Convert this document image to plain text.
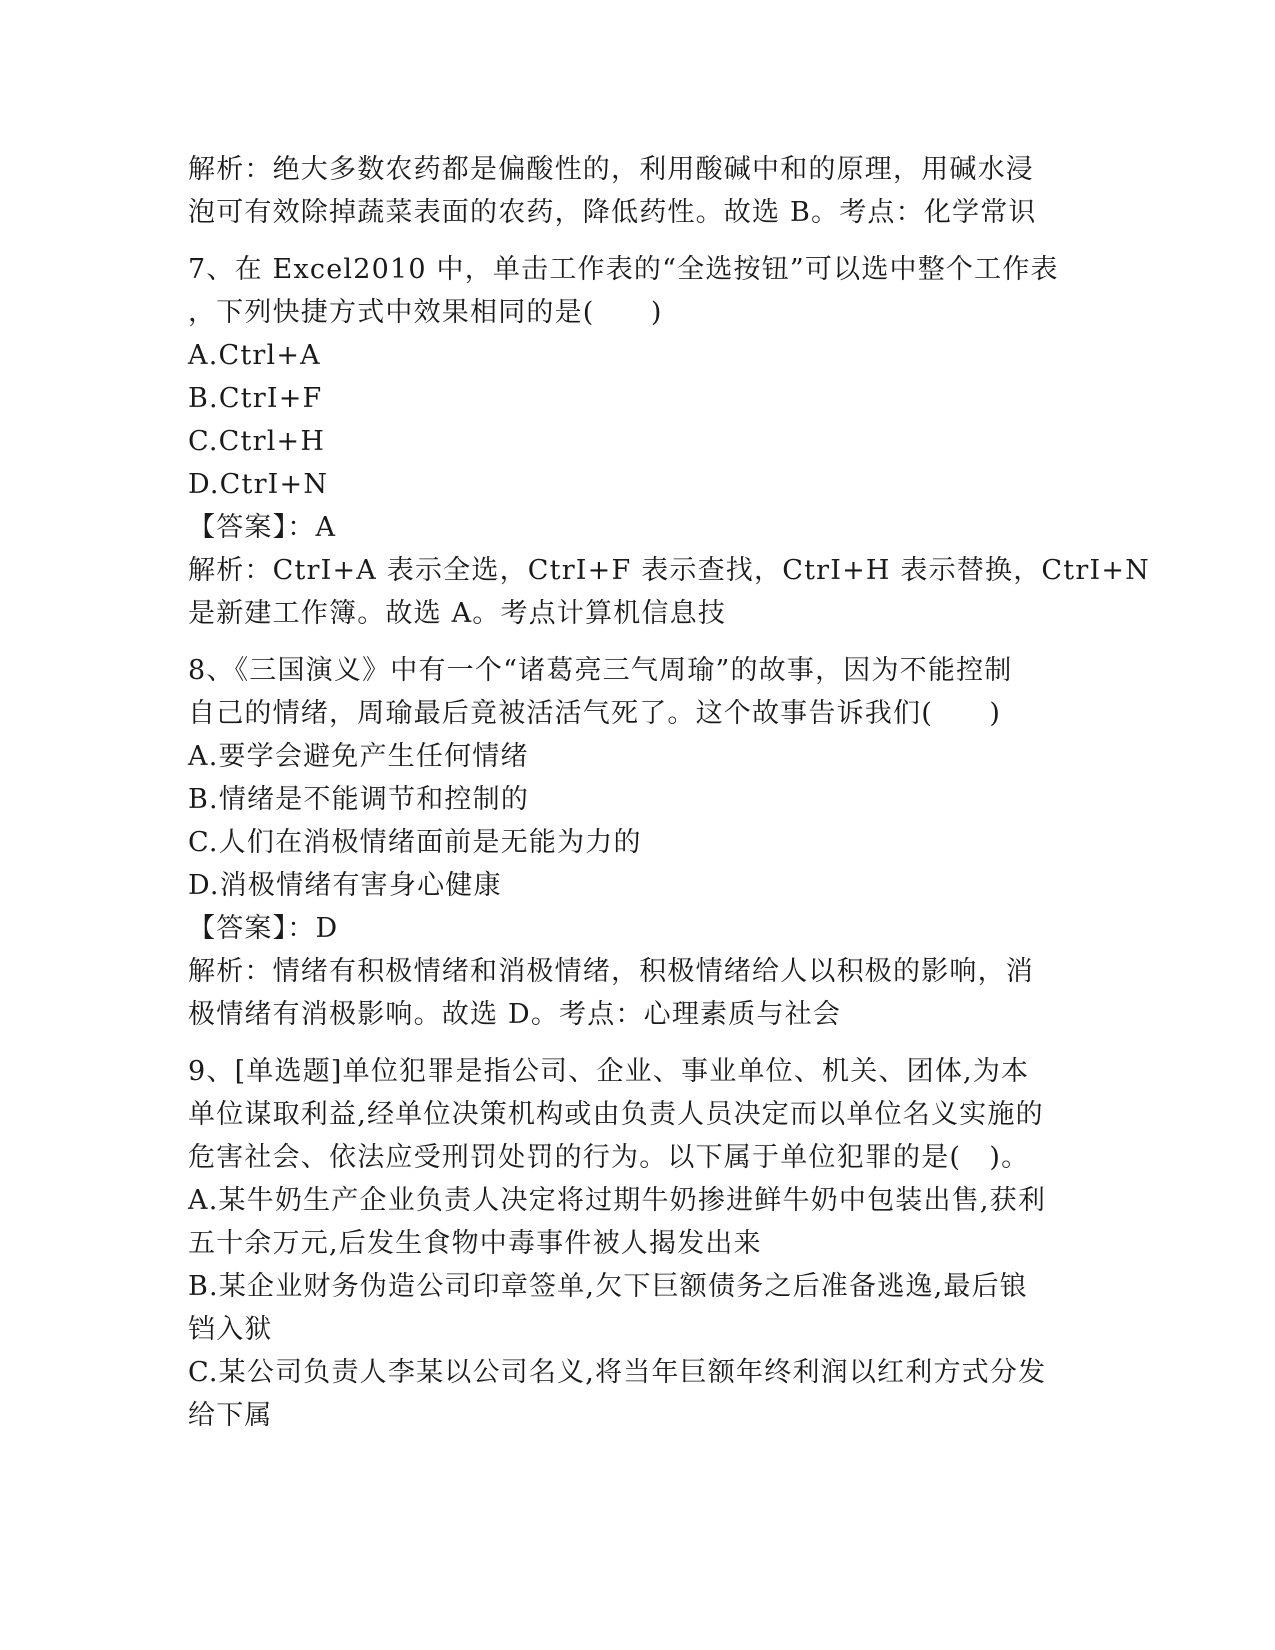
解析：绝大多数农药都是偏酸性的，利用酸碱中和的原理，用碱水浸
泡可有效除掉蔬菜表面的农药，降低药性。故选 B。考点：化学常识
7、在 Excel2010 中，单击工作表的“全选按钮”可以选中整个工作表
，下列快捷方式中效果相同的是(　　)
A.Ctrl+A
B.CtrI+F
C.Ctrl+H
D.CtrI+N
【答案】：A
解析：CtrI+A 表示全选，CtrI+F 表示查找，CtrI+H 表示替换，CtrI+N
是新建工作簿。故选 A。考点计算机信息技
8、《三国演义》中有一个“诸葛亮三气周瑜”的故事，因为不能控制
自己的情绪，周瑜最后竟被活活气死了。这个故事告诉我们(　　)
A.要学会避免产生任何情绪
B.情绪是不能调节和控制的
C.人们在消极情绪面前是无能为力的
D.消极情绪有害身心健康
【答案】：D
解析：情绪有积极情绪和消极情绪，积极情绪给人以积极的影响，消
极情绪有消极影响。故选 D。考点：心理素质与社会
9、[单选题]单位犯罪是指公司、企业、事业单位、机关、团体,为本
单位谋取利益,经单位决策机构或由负责人员决定而以单位名义实施的
危害社会、依法应受刑罚处罚的行为。以下属于单位犯罪的是(　)。
A.某牛奶生产企业负责人决定将过期牛奶掺进鲜牛奶中包装出售,获利
五十余万元,后发生食物中毒事件被人揭发出来
B.某企业财务伪造公司印章签单,欠下巨额债务之后准备逃逸,最后锒
铛入狱
C.某公司负责人李某以公司名义,将当年巨额年终利润以红利方式分发
给下属
